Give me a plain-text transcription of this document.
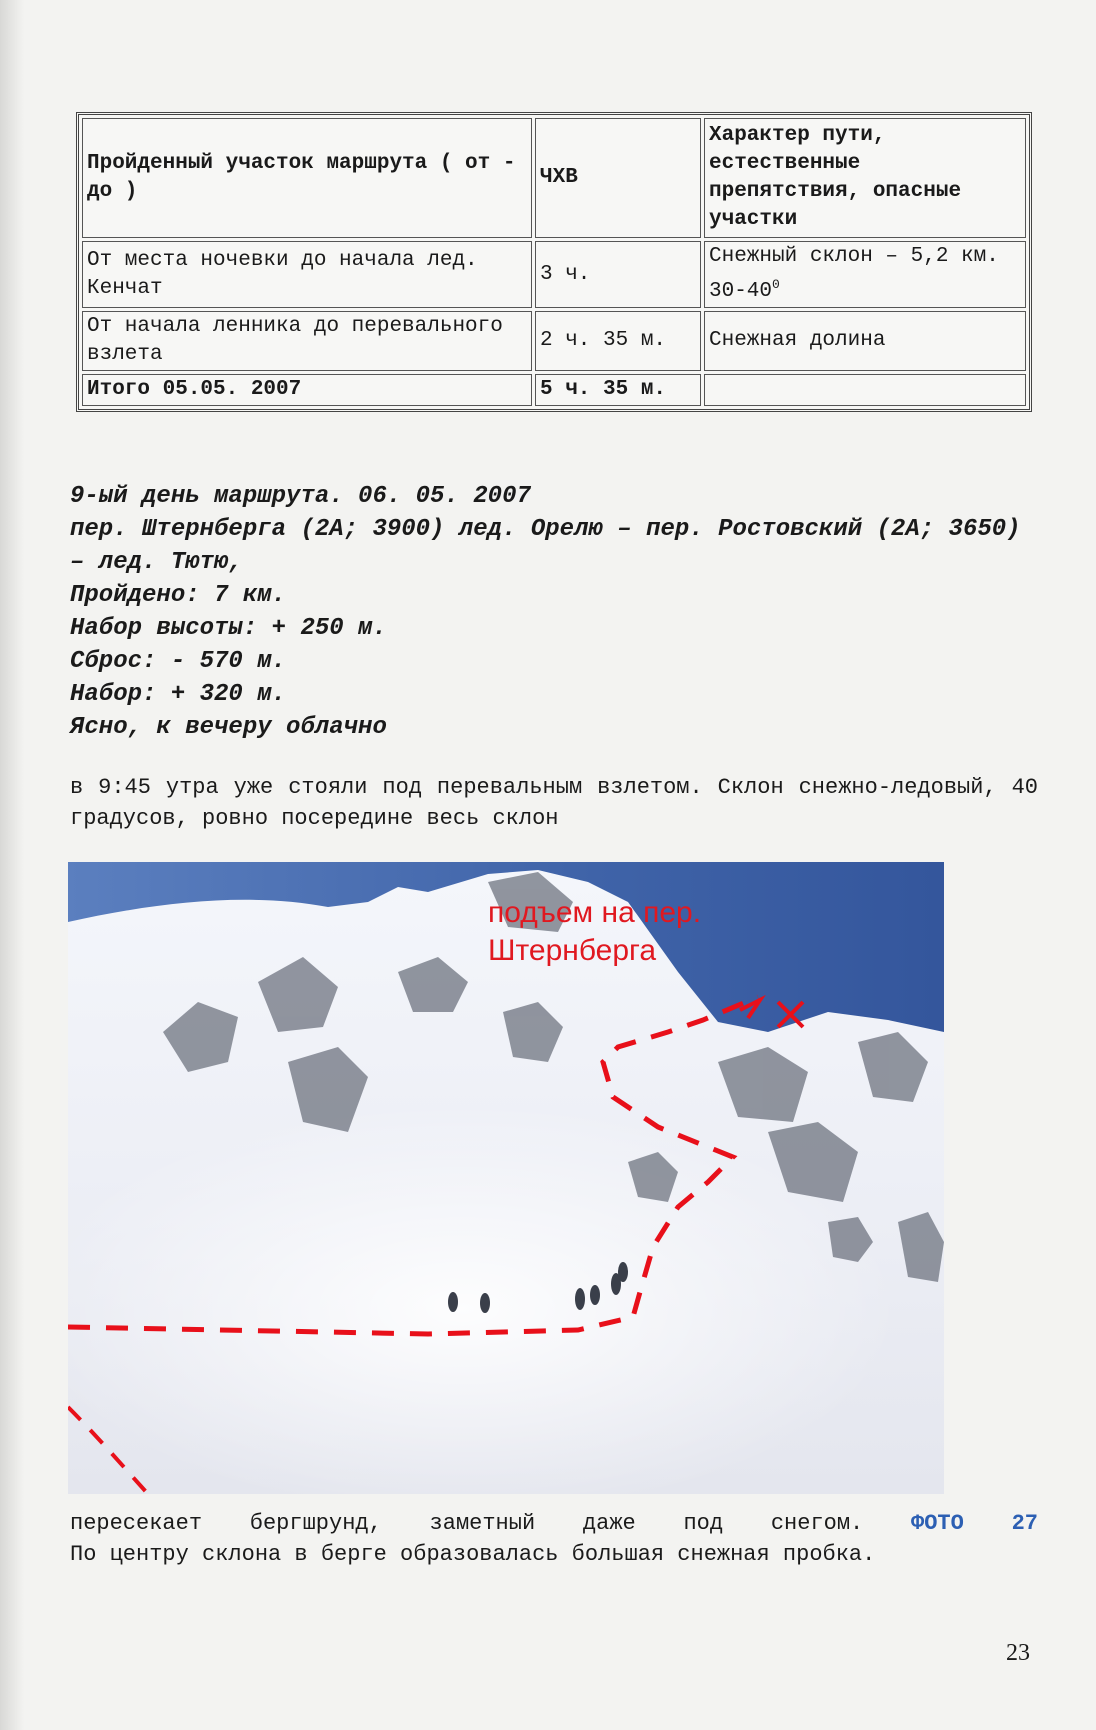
Пройденный участок маршрута ( от - до )	ЧХВ	Характер пути, естественные препятствия, опасные участки
От места ночевки до начала лед. Кенчат	3 ч.	Снежный склон – 5,2 км. $30-40^0$
От начала ленника до перевального взлета	2 ч. 35 м.	Снежная долина
Итого 05.05. 2007	5 ч. 35 м.	
9-ый день маршрута. 06. 05. 2007
пер. Штернберга (2А; 3900) лед. Орелю – пер. Ростовский (2А; 3650) – лед. Тютю,
Пройдено: 7 км.
Набор высоты: + 250 м.
Сброс: - 570 м.
Набор: + 320 м.
Ясно, к вечеру облачно
в 9:45 утра уже стояли под перевальным взлетом. Склон снежно-ледовый, 40 градусов, ровно посередине весь склон
подъем на пер.
Штернберга
пересекает бергшрунд, заметный даже под снегом. ФОТО 27
По центру склона в берге образовалась большая снежная пробка.
23
